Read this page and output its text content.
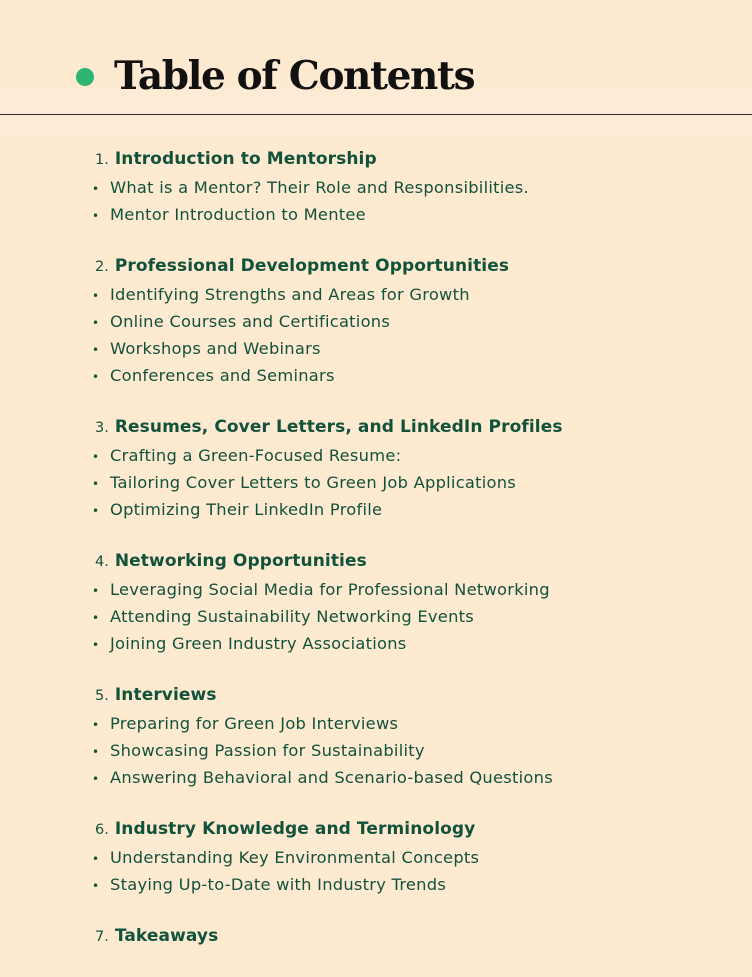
Table of Contents
1. Introduction to Mentorship
• What is a Mentor? Their Role and Responsibilities.
• Mentor Introduction to Mentee
2. Professional Development Opportunities
• Identifying Strengths and Areas for Growth
• Online Courses and Certifications
• Workshops and Webinars
• Conferences and Seminars
3. Resumes, Cover Letters, and LinkedIn Profiles
• Crafting a Green-Focused Resume:
• Tailoring Cover Letters to Green Job Applications
• Optimizing Their LinkedIn Profile
4. Networking Opportunities
• Leveraging Social Media for Professional Networking
• Attending Sustainability Networking Events
• Joining Green Industry Associations
5. Interviews
• Preparing for Green Job Interviews
• Showcasing Passion for Sustainability
• Answering Behavioral and Scenario-based Questions
6. Industry Knowledge and Terminology
• Understanding Key Environmental Concepts
• Staying Up-to-Date with Industry Trends
7. Takeaways
